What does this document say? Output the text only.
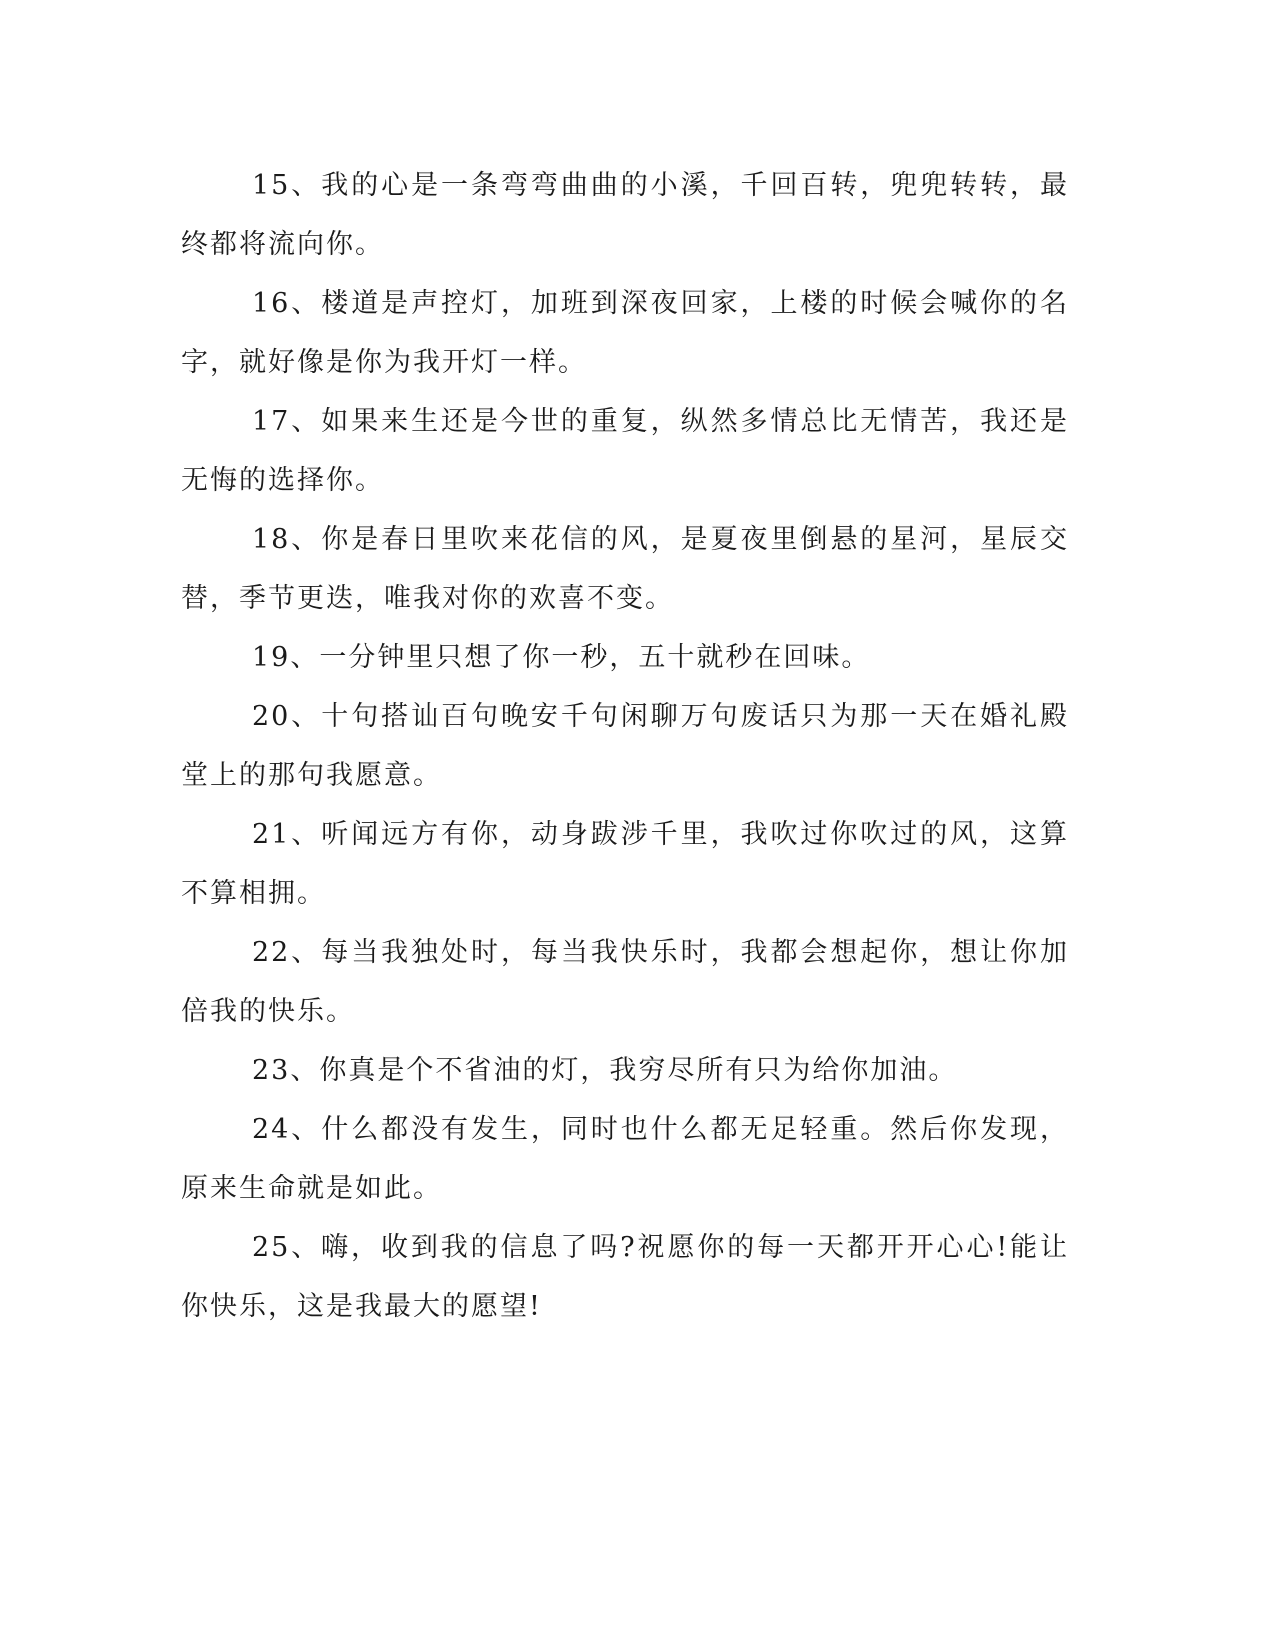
15、我的心是一条弯弯曲曲的小溪，千回百转，兜兜转转，最终都将流向你。

16、楼道是声控灯，加班到深夜回家，上楼的时候会喊你的名字，就好像是你为我开灯一样。

17、如果来生还是今世的重复，纵然多情总比无情苦，我还是无悔的选择你。

18、你是春日里吹来花信的风，是夏夜里倒悬的星河，星辰交替，季节更迭，唯我对你的欢喜不变。

19、一分钟里只想了你一秒，五十就秒在回味。

20、十句搭讪百句晚安千句闲聊万句废话只为那一天在婚礼殿堂上的那句我愿意。

21、听闻远方有你，动身跋涉千里，我吹过你吹过的风，这算不算相拥。

22、每当我独处时，每当我快乐时，我都会想起你，想让你加倍我的快乐。

23、你真是个不省油的灯，我穷尽所有只为给你加油。

24、什么都没有发生，同时也什么都无足轻重。然后你发现，原来生命就是如此。

25、嗨，收到我的信息了吗?祝愿你的每一天都开开心心!能让你快乐，这是我最大的愿望!
